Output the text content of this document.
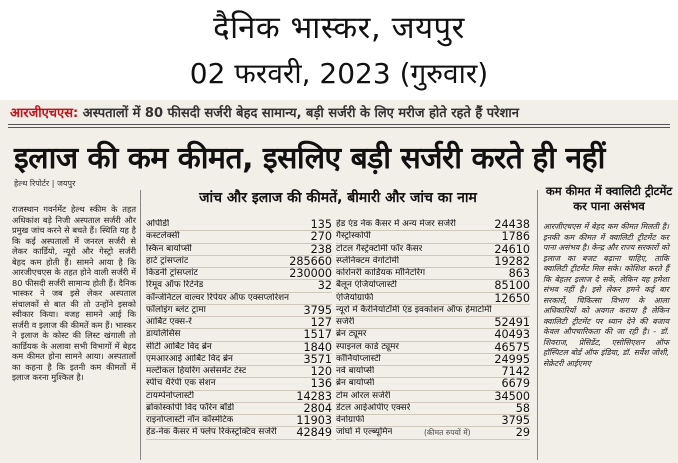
दैनिक भास्कर, जयपुर
02 फरवरी, 2023 (गुरुवार)
आरजीएचएस: अस्पतालों में 80 फीसदी सर्जरी बेहद सामान्य, बड़ी सर्जरी के लिए मरीज होते रहते हैं परेशान
इलाज की कम कीमत, इसलिए बड़ी सर्जरी करते ही नहीं
हेल्थ रिपोर्टर | जयपुर
जांच और इलाज की कीमतें, बीमारी और जांच का नाम	कम कीमत में क्वालिटी ट्रीटमेंट कर पाना असंभव
राजस्थान गवर्नमेंट हेल्थ स्कीम के तहत अधिकांश बड़े निजी अस्पताल सर्जरी और प्रमुख जांच करने से बचते हैं। स्थिति यह है कि कई अस्पतालों में जनरल सर्जरी से लेकर कार्डियो, न्यूरो और गेस्ट्रो सर्जरी बेहद कम होती हैं। सामने आया है कि आरजीएचएस के तहत होने वाली सर्जरी में 80 फीसदी सर्जरी सामान्य होती हैं। दैनिक भास्कर ने जब इसे लेकर अस्पताल संचालकों से बात की तो उन्होंने इसको स्वीकार किया। वजह सामने आई कि सर्जरी व इलाज की कीमतें कम हैं। भास्कर ने इलाज के कोस्ट की लिस्ट खंगाली तो कार्डियक के अलावा सभी विभागों में बेहद कम कीमत होना सामने आया। अस्पतालों का कहना है कि इतनी कम कीमतों में इलाज करना मुश्किल है।
आरजीएचएस में बेहद कम कीमत मिलती है। इनकी कम कीमत में क्वालिटी ट्रीटमेंट कर पाना असंभव है। केन्द्र और राज्य सरकारों को इलाज का बजट बढ़ाना चाहिए, ताकि क्वालिटी ट्रीटमेंट मिल सके। कोशिश करते हैं कि बेहतर इलाज दे सकें, लेकिन यह हमेशा संभव नहीं है। इसे लेकर हमने कई बार सरकारों, चिकित्सा विभाग के आला अधिकारियों को अवगत कराया है लेकिन क्वालिटी ट्रीटमेंट पर ध्यान देने की बजाय केवल औपचारिकता की जा रही है। - डॉ. शिवराज, प्रेसिडेंट, एसोसिएशन ऑफ हॉस्पिटल बोर्ड ऑफ इंडिया, डॉ. सर्वेश जोशी, सेक्रेटरी आईएमए
ओपीडी	135
कस्टलेक्सी	270
स्किन बायोप्सी	238
हार्ट ट्रांसप्लांट	285660
किडनी ट्रांसप्लांट	230000
रिमूव ऑफ रिटेनेड	32
कॉन्जेनिटल वाल्वर रिपेयर ऑफ एक्सप्लोरेशन
फॉलोइंग ब्लंट ट्रामा	3795
आर्बिट एक्स-रे	127
डायलिसिस	1517
सीटी आर्बिट विद ब्रेन	1840
एमआरआई आर्बिट विद ब्रेन	3571
मल्टीकल हियरिंग असेसमेंट टेस्ट	120
स्पीच थैरेपी एक सेशन	136
टायम्पेनोप्लास्टी	14283
ब्रोंकोस्कोपी विद फॉरेन बॉडी	2804
राइनोप्लास्टी नॉन कॉस्मेटिक	11903
हेड-नेक कैंसर में फ्लेप रिकंस्ट्रक्टिव सर्जरी 42849
हेड एंड नेक कैंसर में अन्य मेजर सर्जरी	24438
गैस्ट्रोस्कोपी	1786
टोटल गैस्ट्रेक्टोमी फॉर कैंसर	24610
स्प्लेनिक्टम वेगोटोमी	19282
कोरोनरी कार्डियक मॉनिटरिंग	863
बैलून एंजियोप्लास्टी	85100
एंजियोग्राफी	12650
न्यूरो में कैरेनियोटॉमी एंड इवकोशन ऑफ हेमाटोमी
सर्जरी	52491
ब्रेन ट्यूमर	40493
स्पाइनल कार्ड ट्यूमर	46575
कॉर्नियोप्लास्टी	24995
नर्व बायोप्सी	7142
ब्रेन बायोप्सी	6679
टोम ओरल सर्जरी	34500
डेंटल आईओपीए एक्सरे	58
वेनोग्राफी	3795
जांघों में एल्ब्यूमिन	(कीमत रुपयों में)	29
